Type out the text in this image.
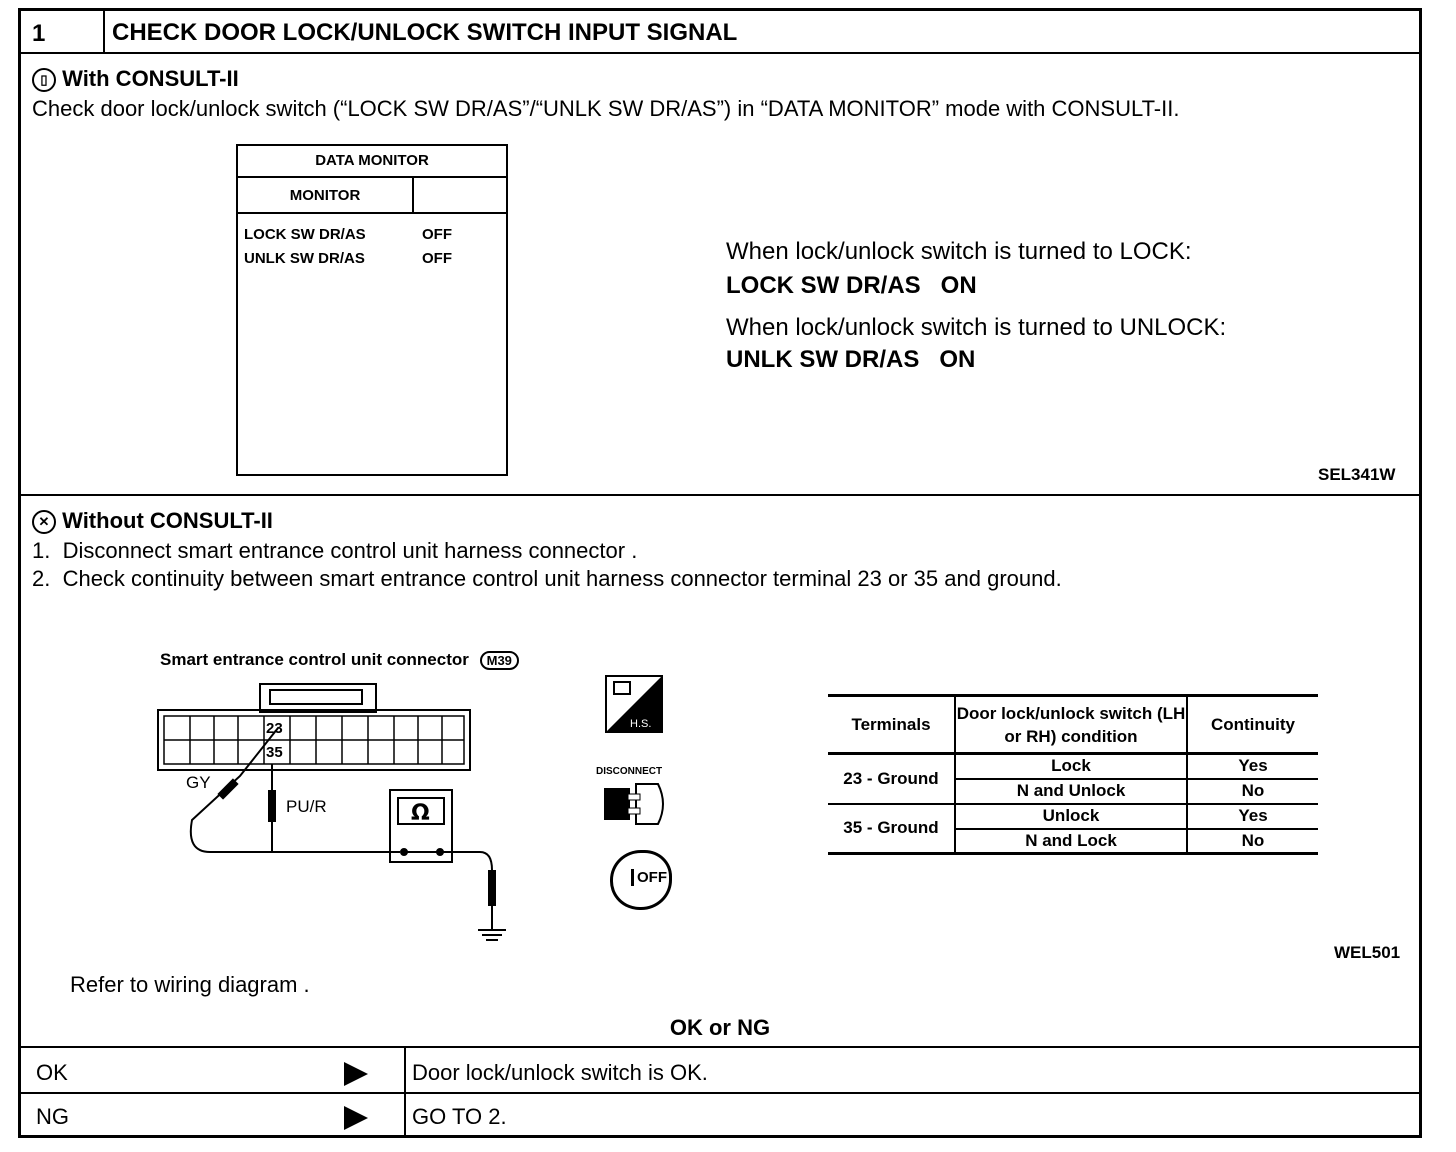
1	CHECK DOOR LOCK/UNLOCK SWITCH INPUT SIGNAL
▯ With CONSULT-II
Check door lock/unlock switch (“LOCK SW DR/AS”/“UNLK SW DR/AS”) in “DATA MONITOR” mode with CONSULT-II.
DATA MONITOR
MONITOR
LOCK SW DR/AS	OFF
UNLK SW DR/AS	OFF	When lock/unlock switch is turned to LOCK:
LOCK SW DR/AS   ON
When lock/unlock switch is turned to UNLOCK:
UNLK SW DR/AS   ON
SEL341W
✕ Without CONSULT-II
1.  Disconnect smart entrance control unit harness connector .
2.  Check continuity between smart entrance control unit harness connector terminal 23 or 35 and ground.
Smart entrance control unit connector M39
Ω
23
35
GY
PU/R
H.S.
DISCONNECT
OFF
Terminals	Door lock/unlock switch (LH or RH) condition	Continuity
23 - Ground	Lock	Yes
	N and Unlock	No
35 - Ground	Unlock	Yes
	N and Lock	No
WEL501
Refer to wiring diagram .
OK or NG
OK	Door lock/unlock switch is OK.
NG	GO TO 2.
